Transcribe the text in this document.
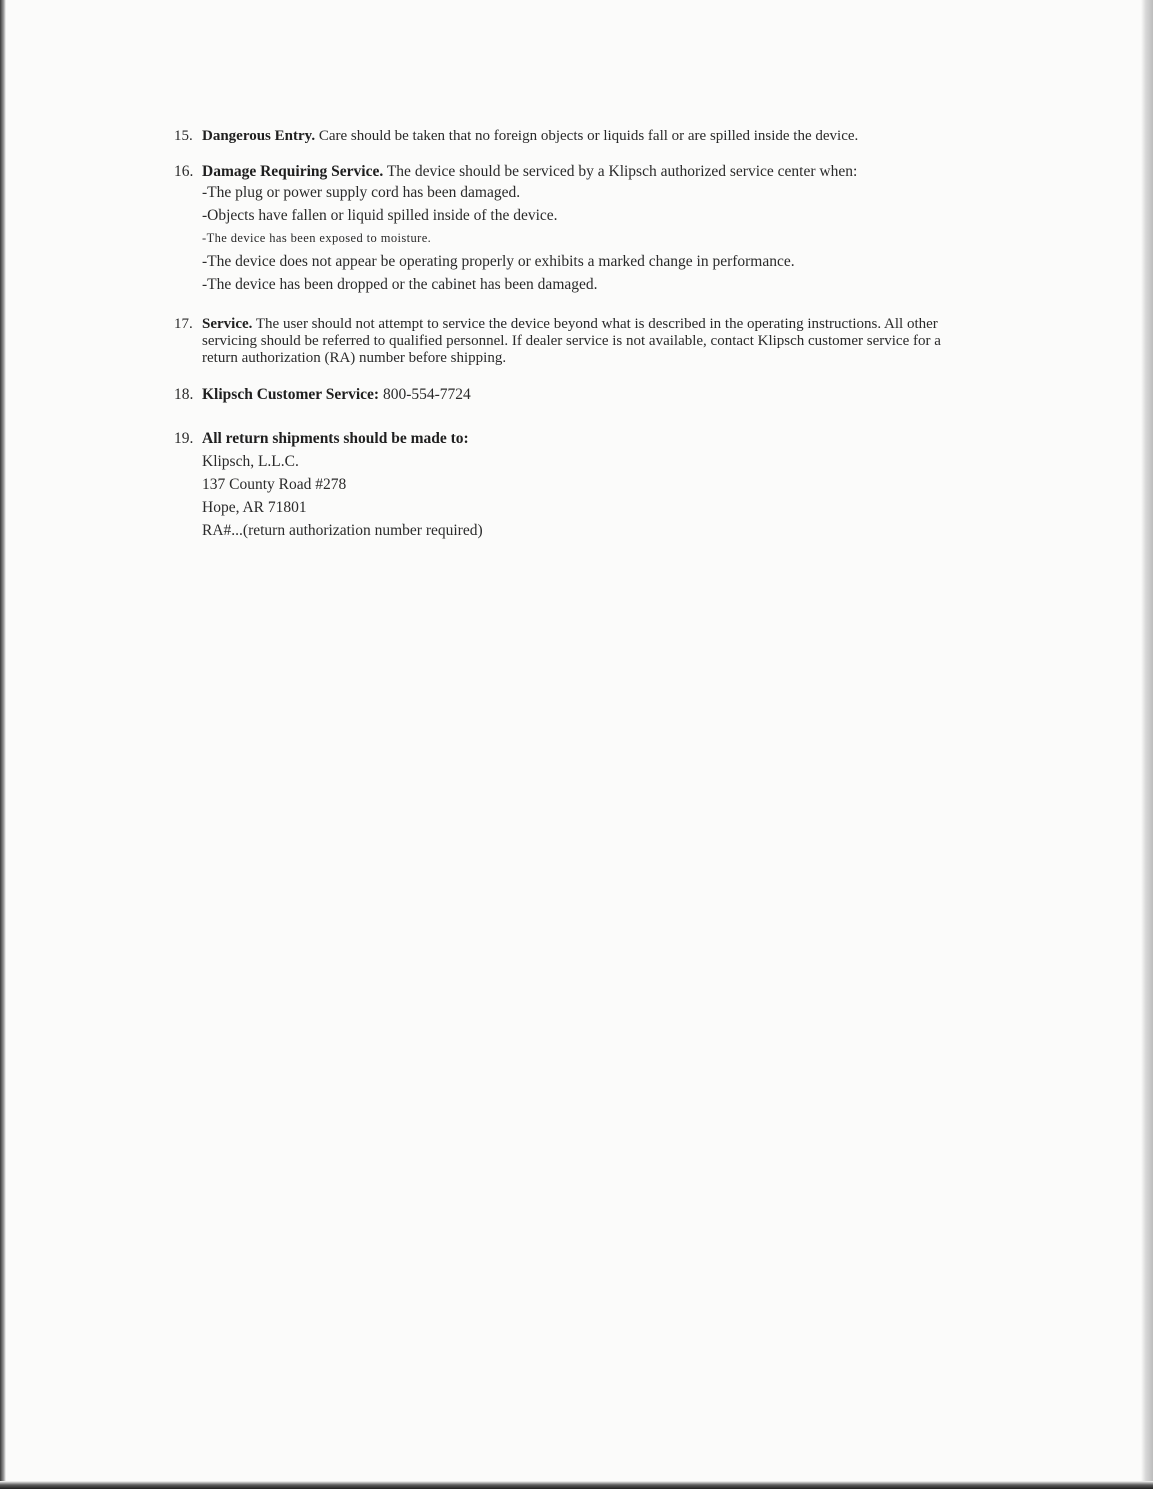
15. Dangerous Entry. Care should be taken that no foreign objects or liquids fall or are spilled inside the device.
16. Damage Requiring Service. The device should be serviced by a Klipsch authorized service center when:
-The plug or power supply cord has been damaged.
-Objects have fallen or liquid spilled inside of the device.
-The device has been exposed to moisture.
-The device does not appear be operating properly or exhibits a marked change in performance.
-The device has been dropped or the cabinet has been damaged.
17. Service. The user should not attempt to service the device beyond what is described in the operating instructions. All other servicing should be referred to qualified personnel. If dealer service is not available, contact Klipsch customer service for a return authorization (RA) number before shipping.
18. Klipsch Customer Service: 800-554-7724
19. All return shipments should be made to:
Klipsch, L.L.C.
137 County Road #278
Hope, AR 71801
RA#...(return authorization number required)
